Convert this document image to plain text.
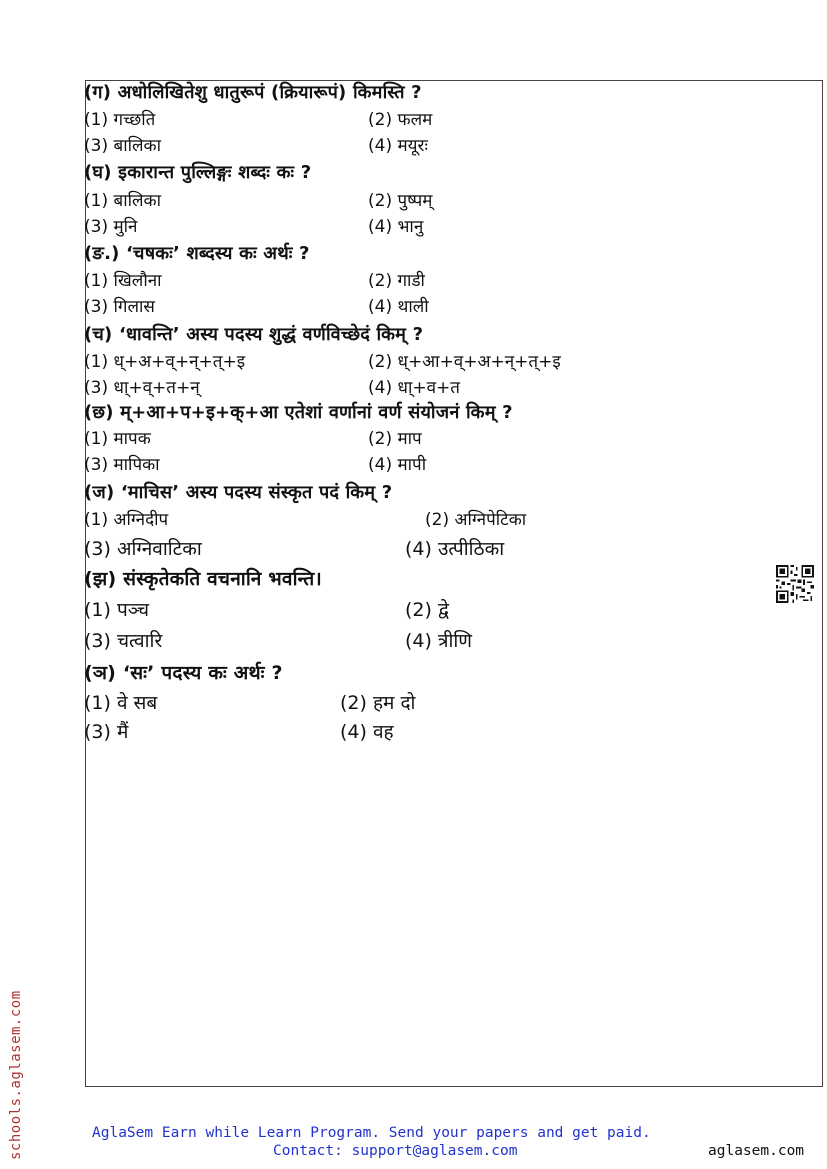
(ग) अधोलिखितेशु धातुरूपं (क्रियारूपं) किमस्ति ?
(1) गच्छति	(2) फलम
(3) बालिका	(4) मयूरः
(घ) इकारान्त पुल्लिङ्गः शब्दः कः ?
(1) बालिका	(2) पुष्पम्
(3) मुनि	(4) भानु
(ङ.) ‘चषकः’ शब्दस्य कः अर्थः ?
(1) खिलौना	(2) गाडी
(3) गिलास	(4) थाली
(च) ‘धावन्ति’ अस्य पदस्य शुद्धं वर्णविच्छेदं किम् ?
(1) ध्+अ+व्+न्+त्+इ	(2) ध्+आ+व्+अ+न्+त्+इ
(3) धा्+व्+त+न्	(4) धा्+व+त
(छ) म्+आ+प+इ+क्+आ एतेशां वर्णानां वर्ण संयोजनं किम् ?
(1) मापक	(2) माप
(3) मापिका	(4) मापी
(ज) ‘माचिस’ अस्य पदस्य संस्कृत पदं किम् ?
(1) अग्निदीप	(2) अग्निपेटिका
(3) अग्निवाटिका	(4) उत्पीठिका
(झ) संस्कृतेकति वचनानि भवन्ति।
(1) पञ्च	(2) द्वे
(3) चत्वारि	(4) त्रीणि
(ञ) ‘सः’ पदस्य कः अर्थः ?
(1) वे सब	(2) हम दो
(3) मैं	(4) वह
schools.aglasem.com	AglaSem Earn while Learn Program. Send your papers and get paid.
Contact: support@aglasem.com	aglasem.com
